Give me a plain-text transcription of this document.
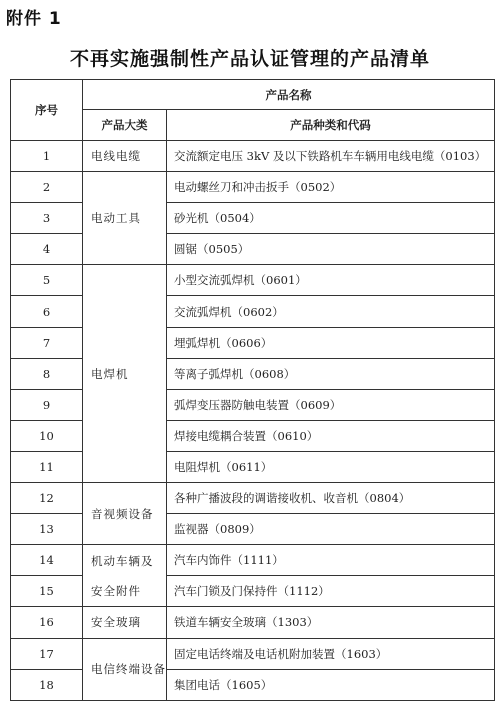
附件 1
不再实施强制性产品认证管理的产品清单
序号	产品名称	
	产品大类	产品种类和代码
1	电线电缆	交流额定电压 3kV 及以下铁路机车车辆用电线电缆（0103）
2	电动工具	电动螺丝刀和冲击扳手（0502）
3		砂光机（0504）
4		圆锯（0505）
5	电焊机	小型交流弧焊机（0601）
6		交流弧焊机（0602）
7		埋弧焊机（0606）
8		等离子弧焊机（0608）
9		弧焊变压器防触电装置（0609）
10		焊接电缆耦合装置（0610）
11		电阻焊机（0611）
12	音视频设备	各种广播波段的调谐接收机、收音机（0804）
13		监视器（0809）
14	机动车辆及	汽车内饰件（1111）
15	安全附件	汽车门锁及门保持件（1112）
16	安全玻璃	铁道车辆安全玻璃（1303）
17	电信终端设备	固定电话终端及电话机附加装置（1603）
18		集团电话（1605）
